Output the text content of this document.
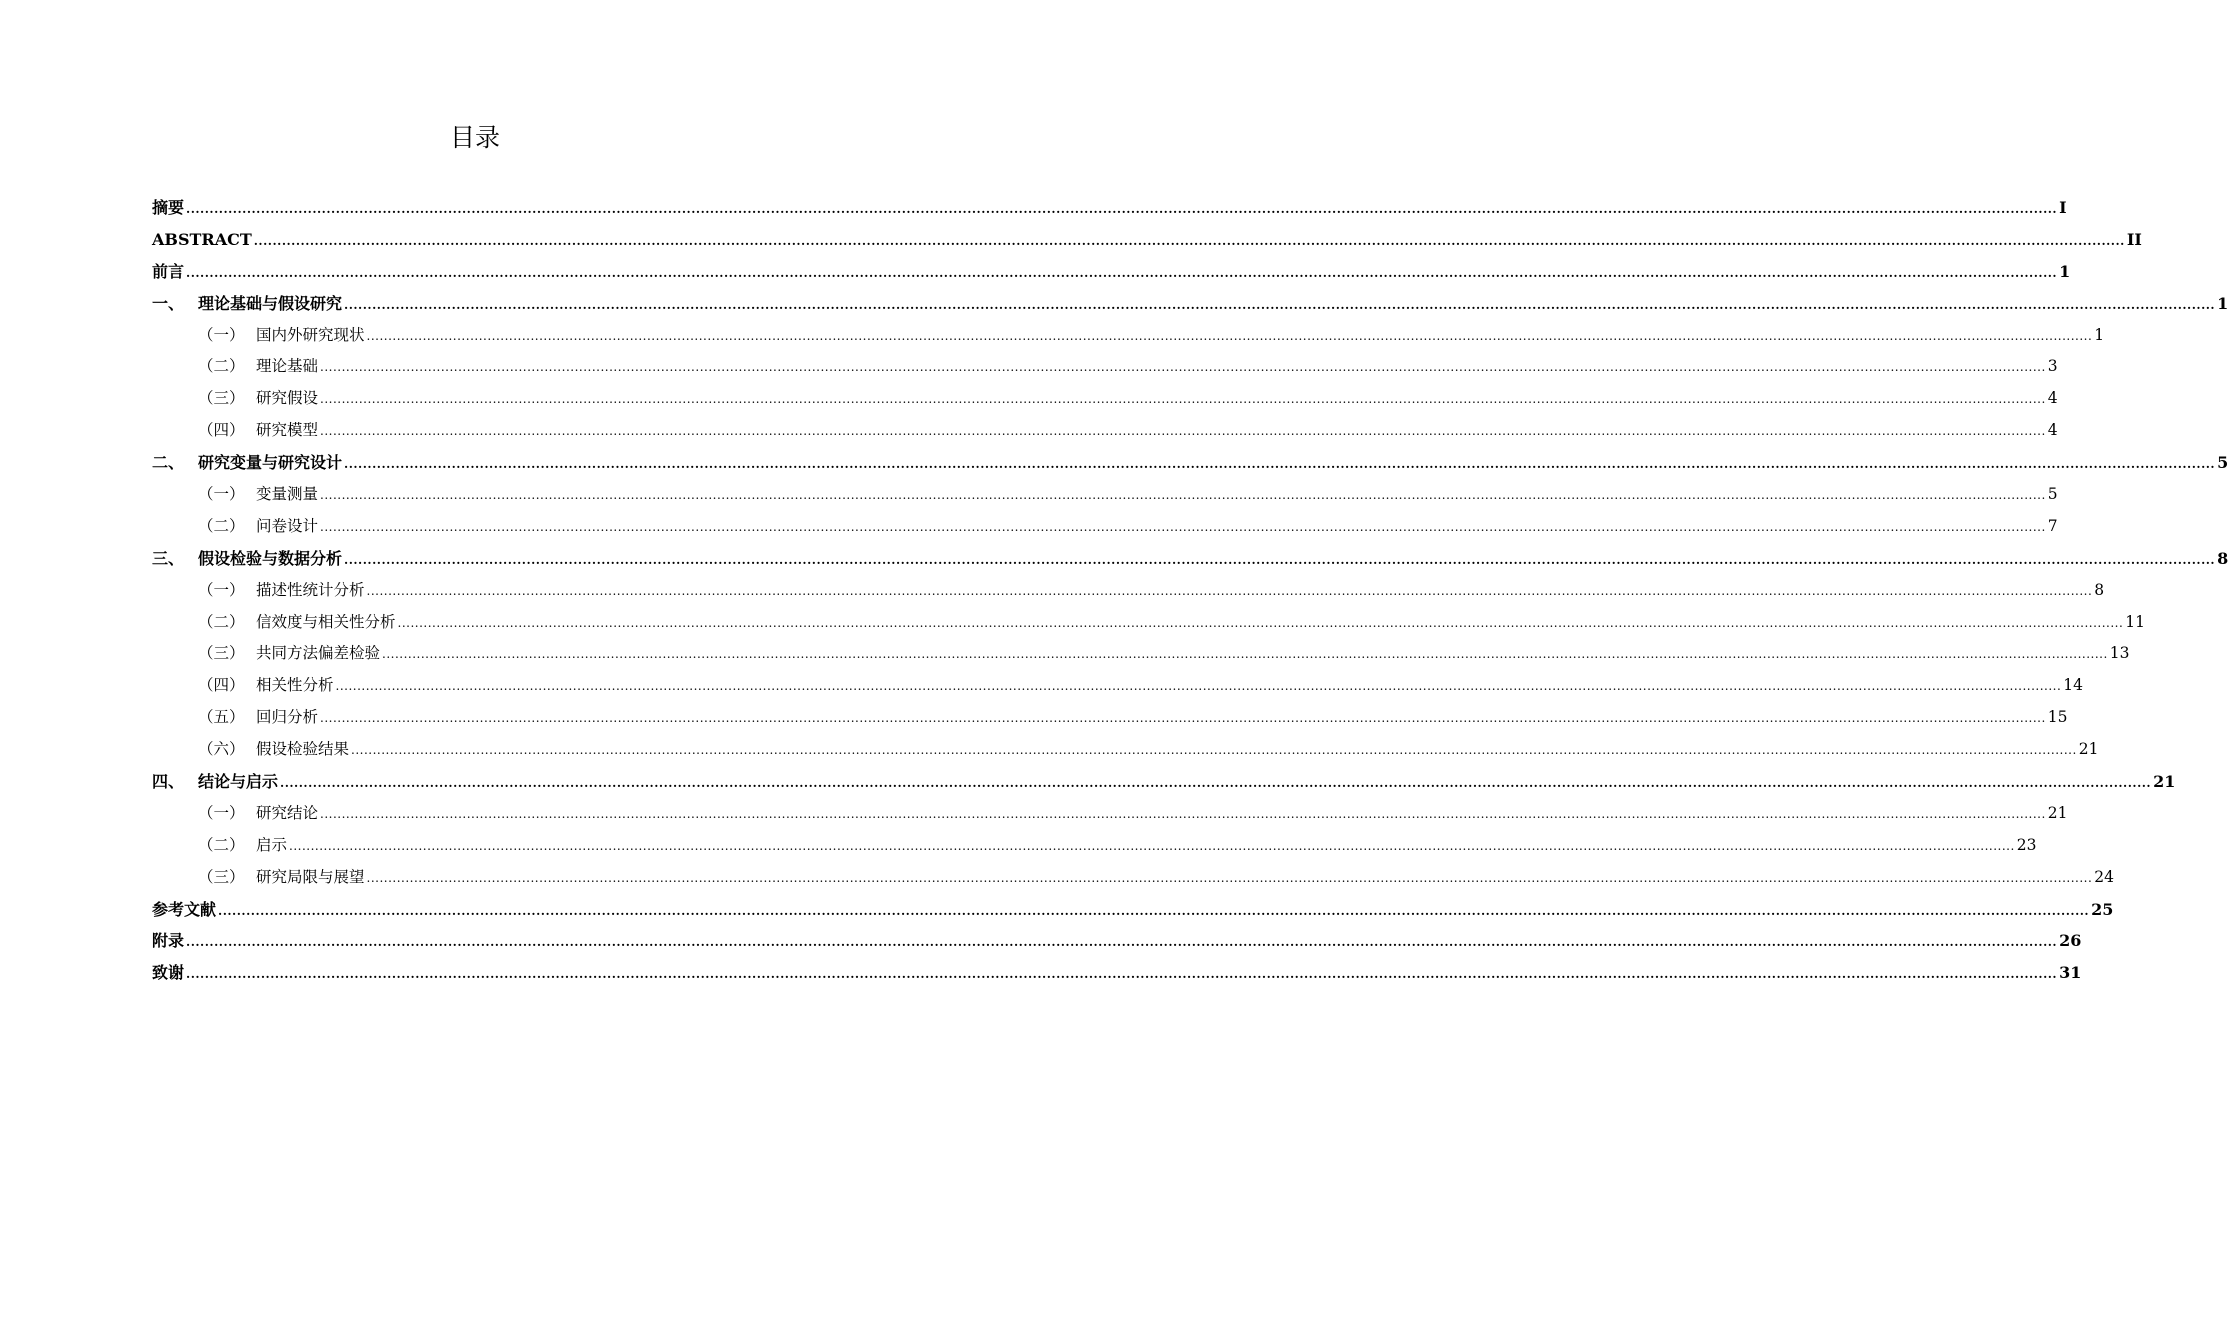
目录
摘要 ................................................................................................................................................................................................................................................................................................................................................................................................................ I
ABSTRACT ................................................................................................................................................................................................................................................................................................................................................................................................................ II
前言 ................................................................................................................................................................................................................................................................................................................................................................................................................ 1
一、 理论基础与假设研究 ................................................................................................................................................................................................................................................................................................................................................................................................................ 1
（一） 国内外研究现状 ................................................................................................................................................................................................................................................................................................................................................................................................................ 1
（二） 理论基础 ................................................................................................................................................................................................................................................................................................................................................................................................................ 3
（三） 研究假设 ................................................................................................................................................................................................................................................................................................................................................................................................................ 4
（四） 研究模型 ................................................................................................................................................................................................................................................................................................................................................................................................................ 4
二、 研究变量与研究设计 ................................................................................................................................................................................................................................................................................................................................................................................................................ 5
（一） 变量测量 ................................................................................................................................................................................................................................................................................................................................................................................................................ 5
（二） 问卷设计 ................................................................................................................................................................................................................................................................................................................................................................................................................ 7
三、 假设检验与数据分析 ................................................................................................................................................................................................................................................................................................................................................................................................................ 8
（一） 描述性统计分析 ................................................................................................................................................................................................................................................................................................................................................................................................................ 8
（二） 信效度与相关性分析 ................................................................................................................................................................................................................................................................................................................................................................................................................ 11
（三） 共同方法偏差检验 ................................................................................................................................................................................................................................................................................................................................................................................................................ 13
（四） 相关性分析 ................................................................................................................................................................................................................................................................................................................................................................................................................ 14
（五） 回归分析 ................................................................................................................................................................................................................................................................................................................................................................................................................ 15
（六） 假设检验结果 ................................................................................................................................................................................................................................................................................................................................................................................................................ 21
四、 结论与启示 ................................................................................................................................................................................................................................................................................................................................................................................................................ 21
（一） 研究结论 ................................................................................................................................................................................................................................................................................................................................................................................................................ 21
（二） 启示 ................................................................................................................................................................................................................................................................................................................................................................................................................ 23
（三） 研究局限与展望 ................................................................................................................................................................................................................................................................................................................................................................................................................ 24
参考文献 ................................................................................................................................................................................................................................................................................................................................................................................................................ 25
附录 ................................................................................................................................................................................................................................................................................................................................................................................................................ 26
致谢 ................................................................................................................................................................................................................................................................................................................................................................................................................ 31
